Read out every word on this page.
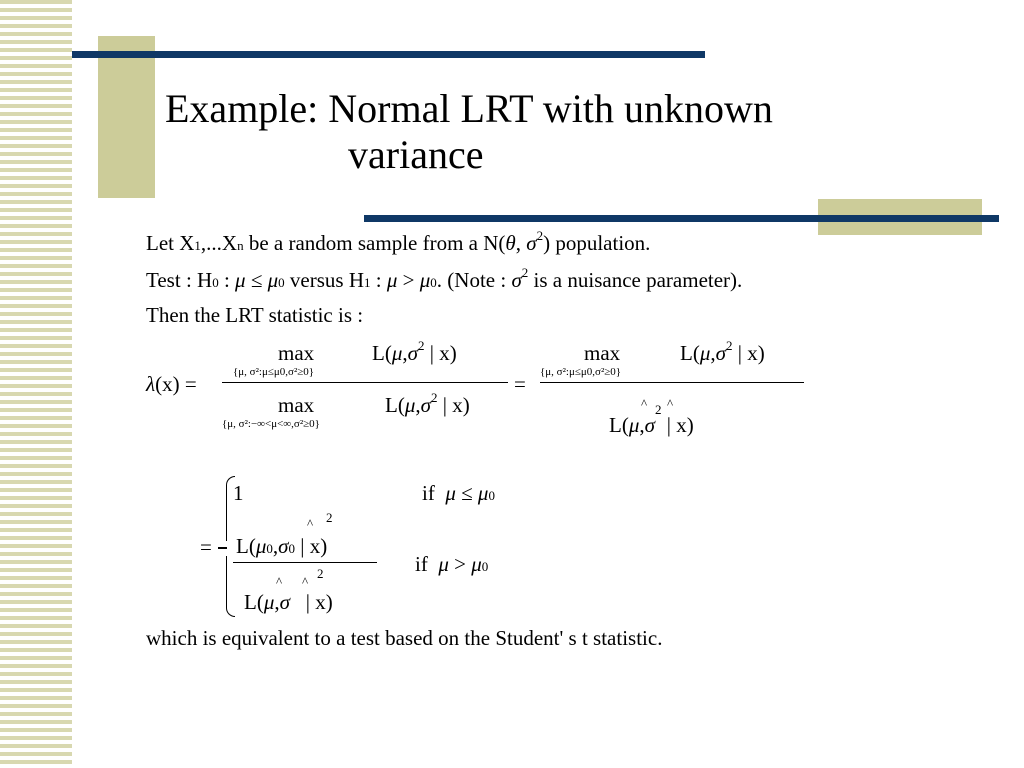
Example: Normal LRT with unknown

variance
Let X1,...Xn be a random sample from a N(θ, $\sigma^2$) population.
Test : H0 : μ ≤ μ0 versus H1 : μ > μ0. (Note : $\sigma^2$ is a nuisance parameter).
Then the LRT statistic is :
λ(x) =
max
{μ, σ²:μ≤μ0,σ²≥0}
$L(\mu,\sigma^2$ | x)
max
{μ, σ²:−∞<μ<∞,σ²≥0}
$L(\mu,\sigma^2$ | x)
=
max
{μ, σ²:μ≤μ0,σ²≥0}
$L(\mu,\sigma^2$ | x)
^ ^
$L(\mu,\sigma^2$ | x)
=
1	if μ ≤ μ0
^ 2
L(μ0,σ0 | x)
^ ^
2
L(μ,σ   | x)
if μ > μ0
which is equivalent to a test based on the Student' s t statistic.
